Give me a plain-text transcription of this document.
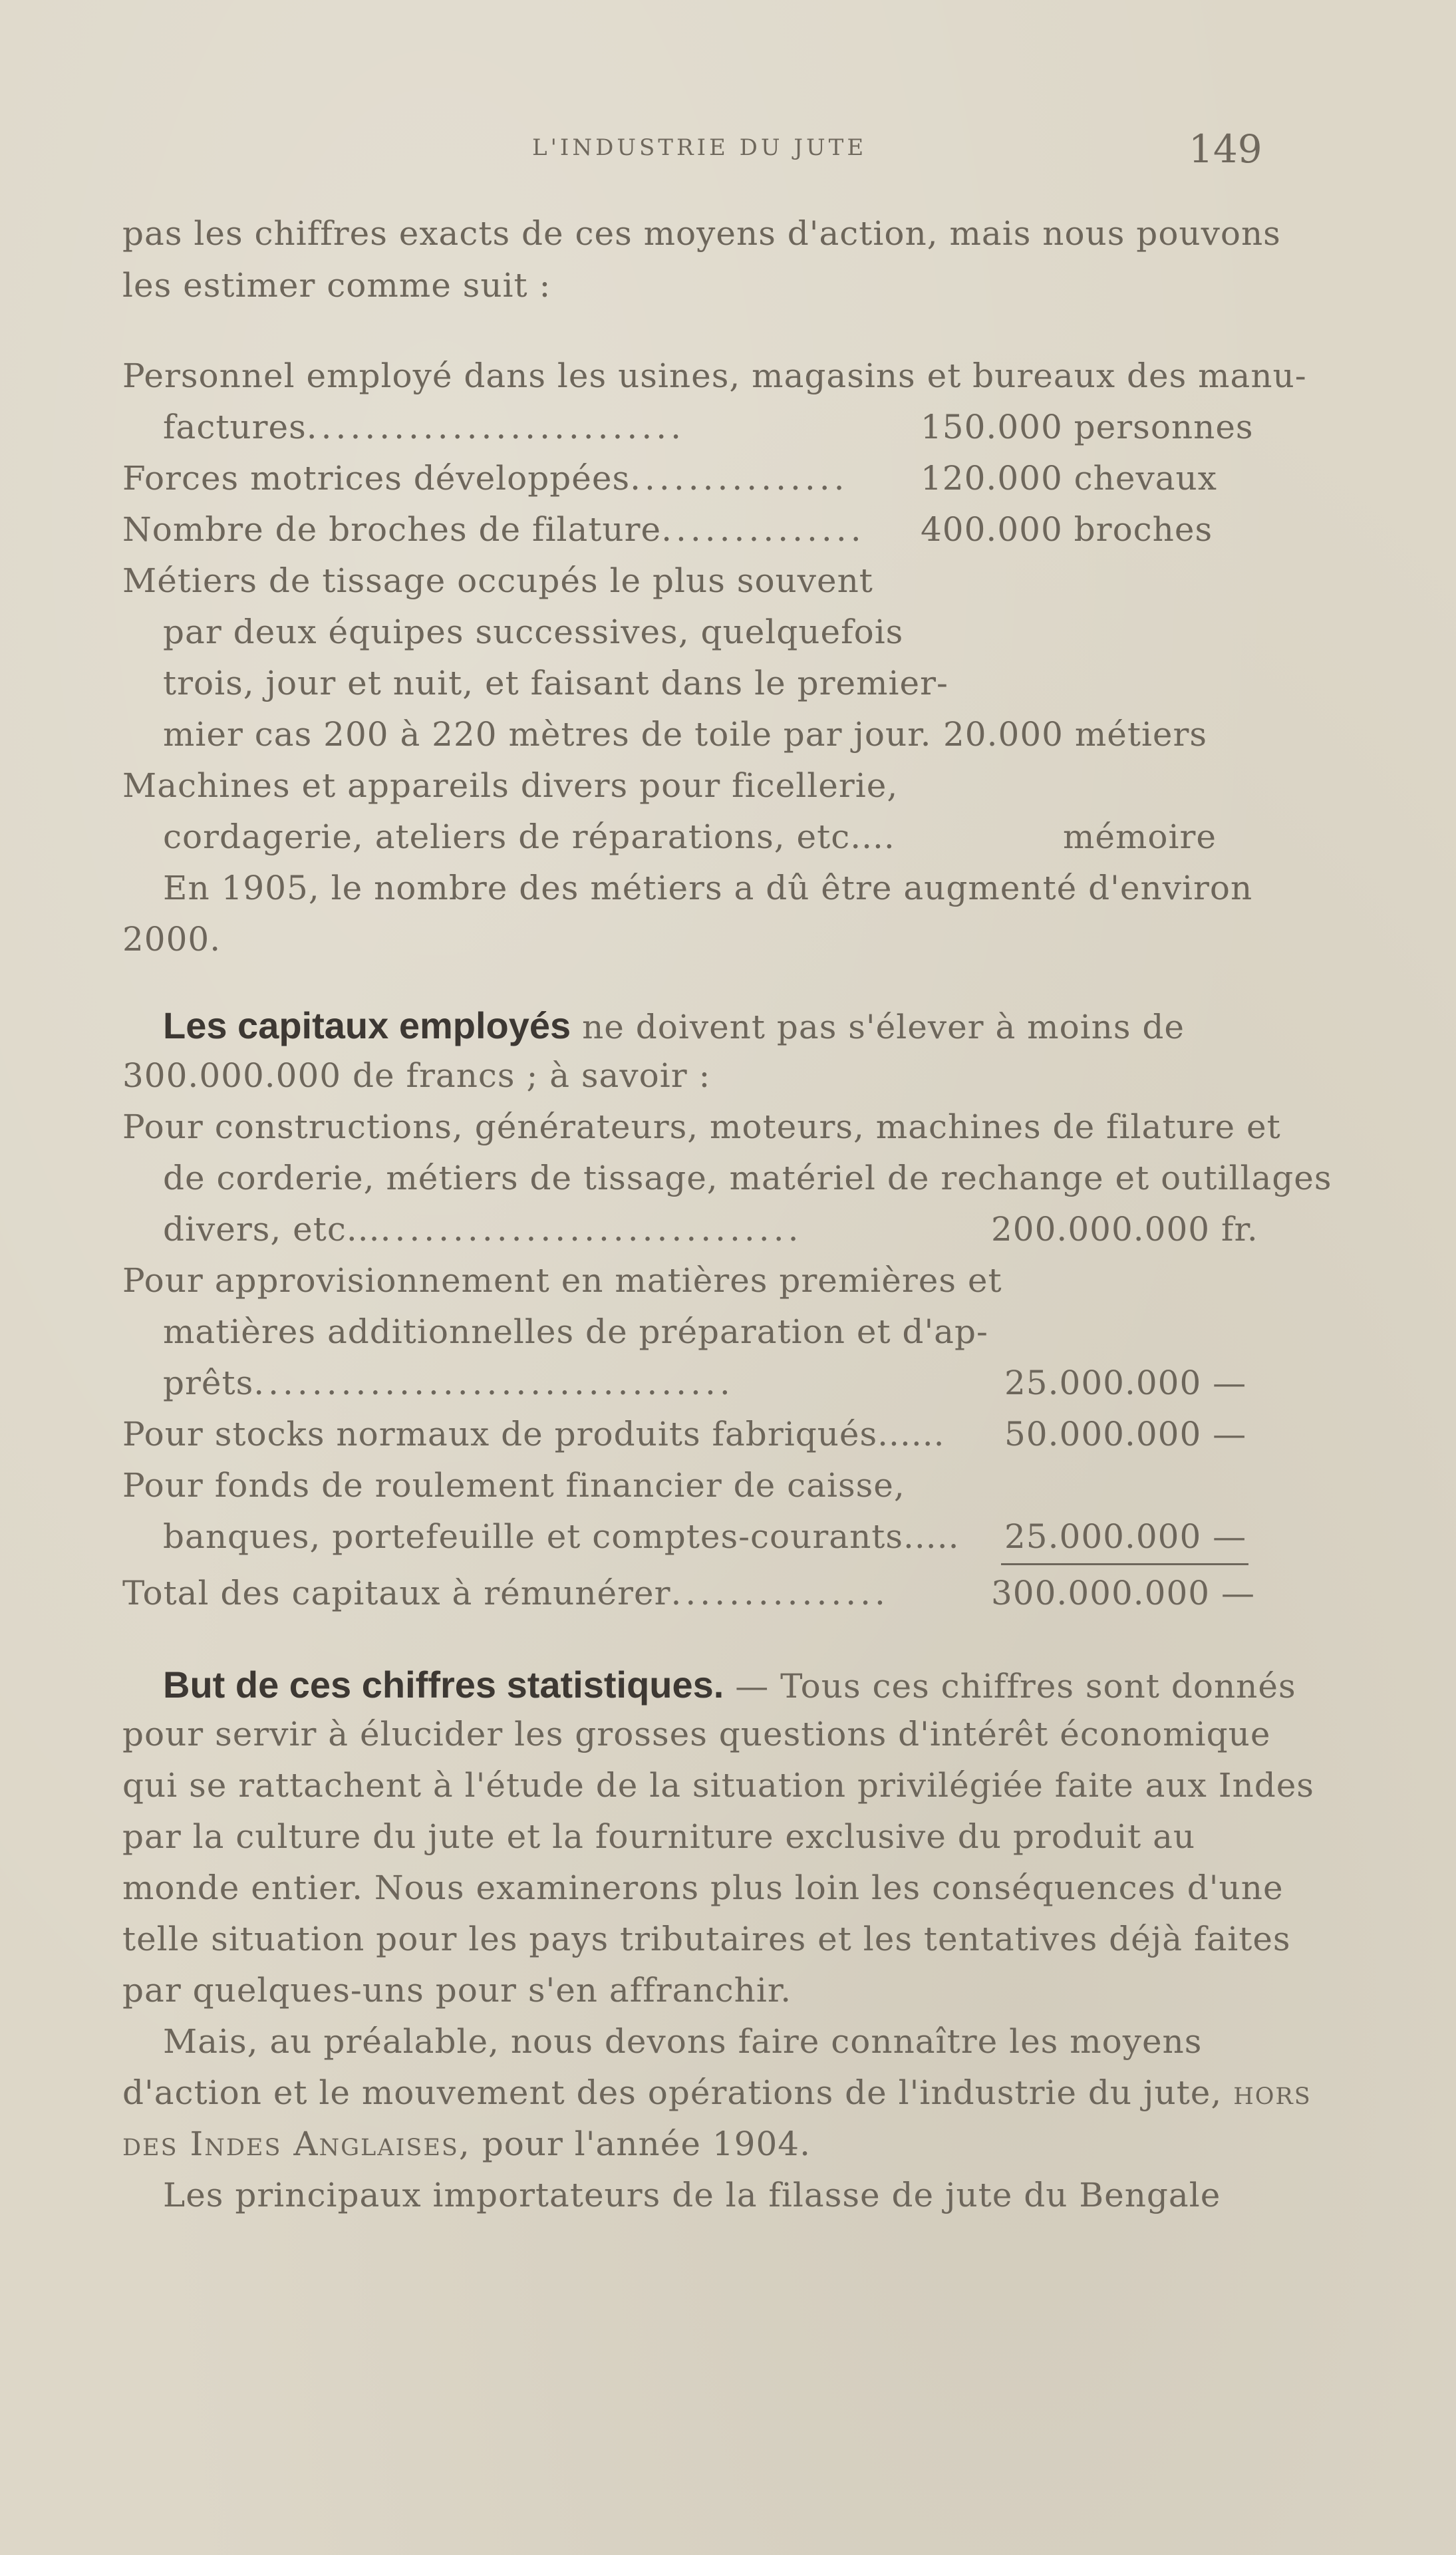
L'INDUSTRIE DU JUTE	149
pas les chiffres exacts de ces moyens d'action, mais nous pouvons
les estimer comme suit :
Personnel employé dans les usines, magasins et bureaux des manu-
factures..........................	150.000 personnes
Forces motrices développées............... 120.000 chevaux
Nombre de broches de filature.............. 400.000 broches
Métiers de tissage occupés le plus souvent
par deux équipes successives, quelquefois
trois, jour et nuit, et faisant dans le premier-
mier cas 200 à 220 mètres de toile par jour. 20.000 métiers
Machines et appareils divers pour ficellerie,
cordagerie, ateliers de réparations, etc....	mémoire
En 1905, le nombre des métiers a dû être augmenté d'environ
2000.
Les capitaux employés ne doivent pas s'élever à moins de
300.000.000 de francs ; à savoir :
Pour constructions, générateurs, moteurs, machines de filature et
de corderie, métiers de tissage, matériel de rechange et outillages
divers, etc................................	200.000.000 fr.
Pour approvisionnement en matières premières et
matières additionnelles de préparation et d'ap-
prêts.................................	25.000.000 —
Pour stocks normaux de produits fabriqués...... 50.000.000 —
Pour fonds de roulement financier de caisse,
banques, portefeuille et comptes-courants..... 25.000.000 —
Total des capitaux à rémunérer...............	300.000.000 —
But de ces chiffres statistiques. — Tous ces chiffres sont donnés
pour servir à élucider les grosses questions d'intérêt économique
qui se rattachent à l'étude de la situation privilégiée faite aux Indes
par la culture du jute et la fourniture exclusive du produit au
monde entier. Nous examinerons plus loin les conséquences d'une
telle situation pour les pays tributaires et les tentatives déjà faites
par quelques-uns pour s'en affranchir.
Mais, au préalable, nous devons faire connaître les moyens
d'action et le mouvement des opérations de l'industrie du jute, hors
des Indes Anglaises, pour l'année 1904.
Les principaux importateurs de la filasse de jute du Bengale
